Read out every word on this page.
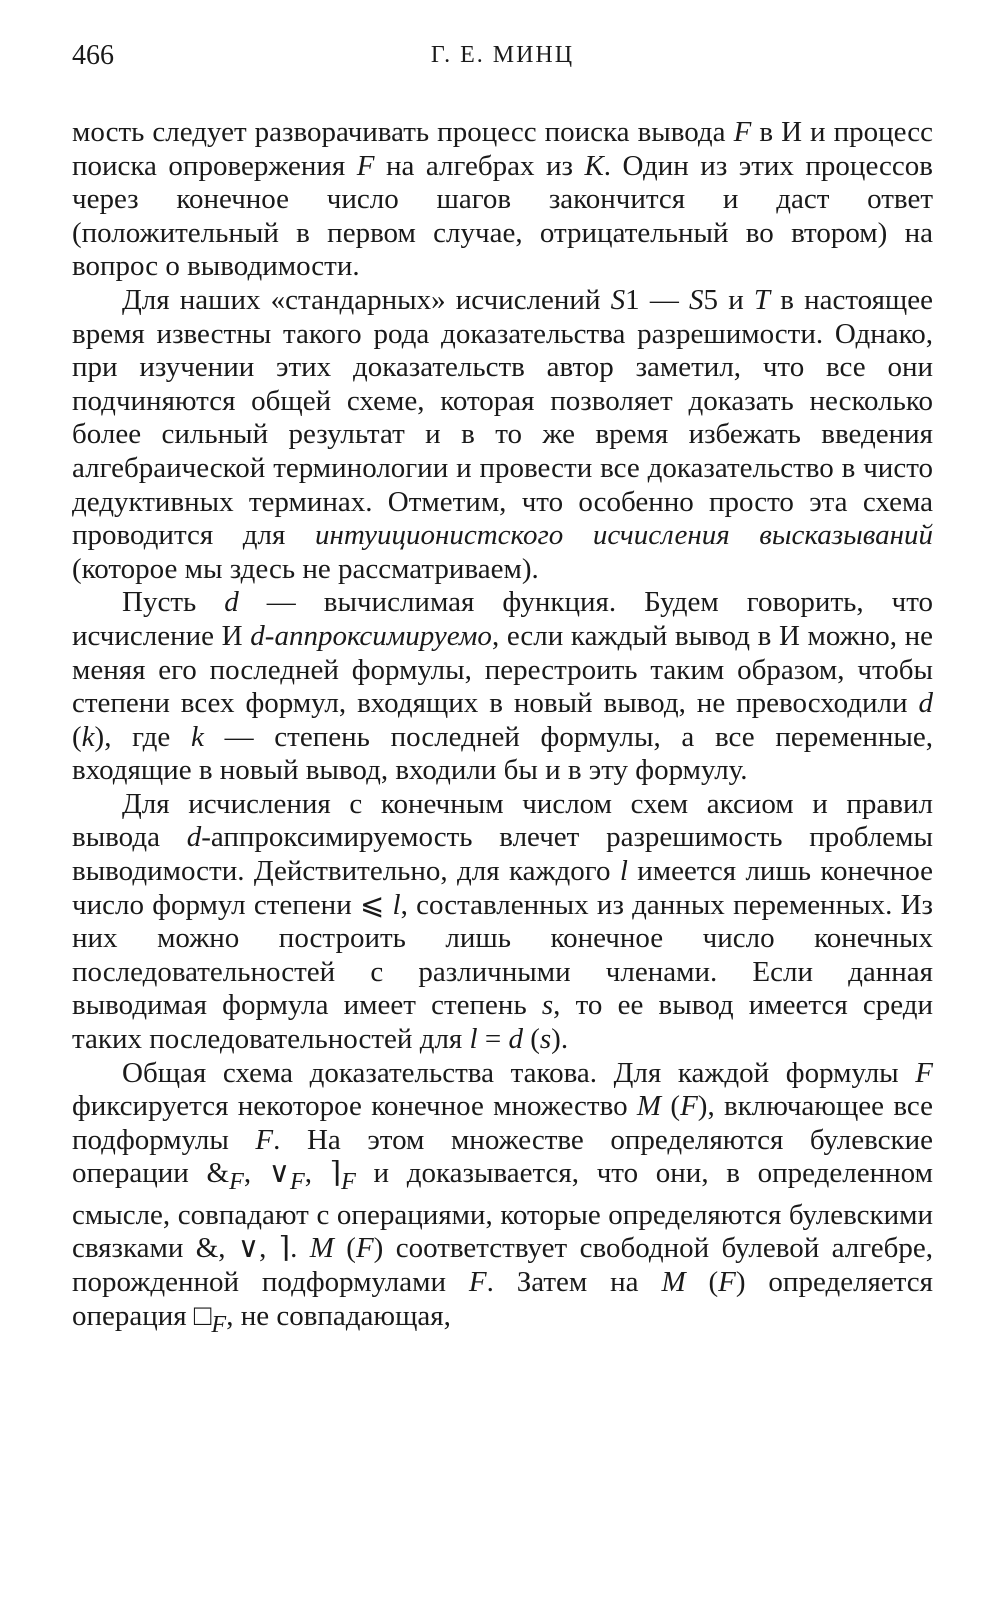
466	Г. Е. МИНЦ

мость следует разворачивать процесс поиска вывода F в И и процесс поиска опровержения F на алгебрах из К. Один из этих процессов через конечное число шагов закончится и даст ответ (положительный в первом случае, отрицательный во втором) на вопрос о выводимости.

Для наших «стандарных» исчислений S1 — S5 и T в настоящее время известны такого рода доказательства разрешимости. Однако, при изучении этих доказательств автор заметил, что все они подчиняются общей схеме, которая позволяет доказать несколько более сильный результат и в то же время избежать введения алгебраической терминологии и провести все доказательство в чисто дедуктивных терминах. Отметим, что особенно просто эта схема проводится для интуиционистского исчисления высказываний (которое мы здесь не рассматриваем).

Пусть d — вычислимая функция. Будем говорить, что исчисление И d-аппроксимируемо, если каждый вывод в И можно, не меняя его последней формулы, перестроить таким образом, чтобы степени всех формул, входящих в новый вывод, не превосходили d (k), где k — степень последней формулы, а все переменные, входящие в новый вывод, входили бы и в эту формулу.

Для исчисления с конечным числом схем аксиом и правил вывода d-аппроксимируемость влечет разрешимость проблемы выводимости. Действительно, для каждого l имеется лишь конечное число формул степени ⩽ l, составленных из данных переменных. Из них можно построить лишь конечное число конечных последовательностей с различными членами. Если данная выводимая формула имеет степень s, то ее вывод имеется среди таких последовательностей для l = d (s).

Общая схема доказательства такова. Для каждой формулы F фиксируется некоторое конечное множество M (F), включающее все подформулы F. На этом множестве определяются булевские операции $\&_F$, $\vee_F$, $⌉_F$ и доказывается, что они, в определенном смысле, совпадают с операциями, которые определяются булевскими связками &, ∨, ⌉. M (F) соответствует свободной булевой алгебре, порожденной подформулами F. Затем на M (F) определяется операция $□_F$, не совпадающая,
